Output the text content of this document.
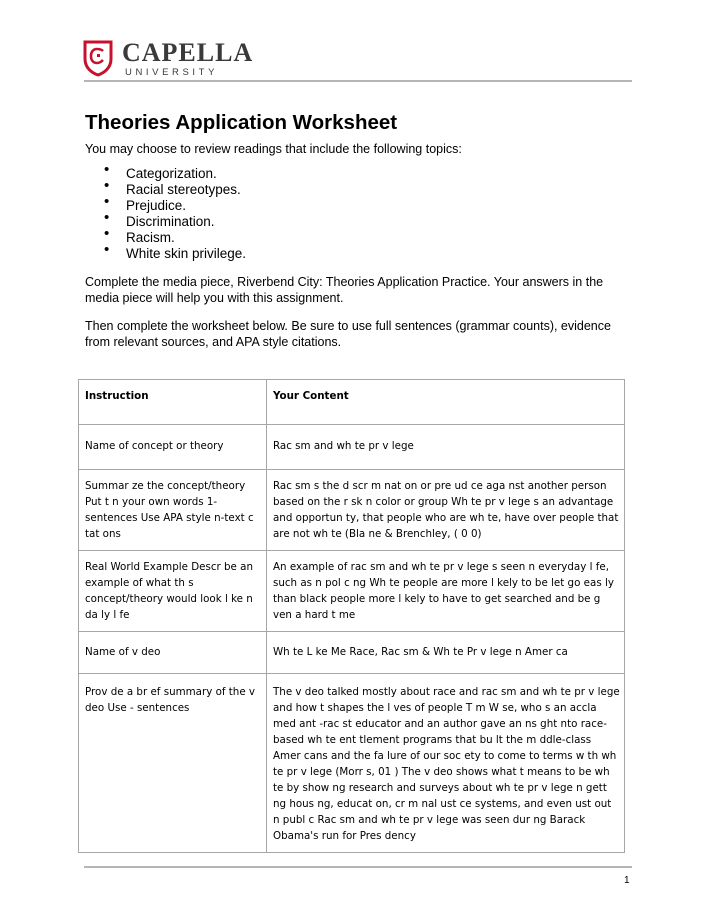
CAPELLA
UNIVERSITY
Theories Application Worksheet
You may choose to review readings that include the following topics:
• Categorization.
• Racial stereotypes.
• Prejudice.
• Discrimination.
• Racism.
• White skin privilege.
Complete the media piece, Riverbend City: Theories Application Practice. Your answers in the media piece will help you with this assignment.
Then complete the worksheet below. Be sure to use full sentences (grammar counts), evidence from relevant sources, and APA style citations.
Instruction	Your Content
Name of concept or theory	Rac sm and wh te pr v lege
Summar ze the concept/theory Put t n your own words 1-sentences Use APA style n-text c tat ons	Rac sm s the d scr m nat on or pre ud ce aga nst another person based on the r sk n color or group Wh te pr v lege s an advantage and opportun ty, that people who are wh te, have over people that are not wh te (Bla ne & Brenchley, ( 0 0)
Real World Example Descr be an example of what th s concept/theory would look l ke n da ly l fe	An example of rac sm and wh te pr v lege s seen n everyday l fe, such as n pol c ng Wh te people are more l kely to be let go eas ly than black people more l kely to have to get searched and be g ven a hard t me
Name of v deo	Wh te L ke Me Race, Rac sm & Wh te Pr v lege n Amer ca
Prov de a br ef summary of the v deo Use - sentences	The v deo talked mostly about race and rac sm and wh te pr v lege and how t shapes the l ves of people T m W se, who s an accla med ant -rac st educator and an author gave an ns ght nto race-based wh te ent tlement programs that bu lt the m ddle-class Amer cans and the fa lure of our soc ety to come to terms w th wh te pr v lege (Morr s, 01 ) The v deo shows what t means to be wh te by show ng research and surveys about wh te pr v lege n gett ng hous ng, educat on, cr m nal ust ce systems, and even ust out n publ c Rac sm and wh te pr v lege was seen dur ng Barack Obama's run for Pres dency
1
